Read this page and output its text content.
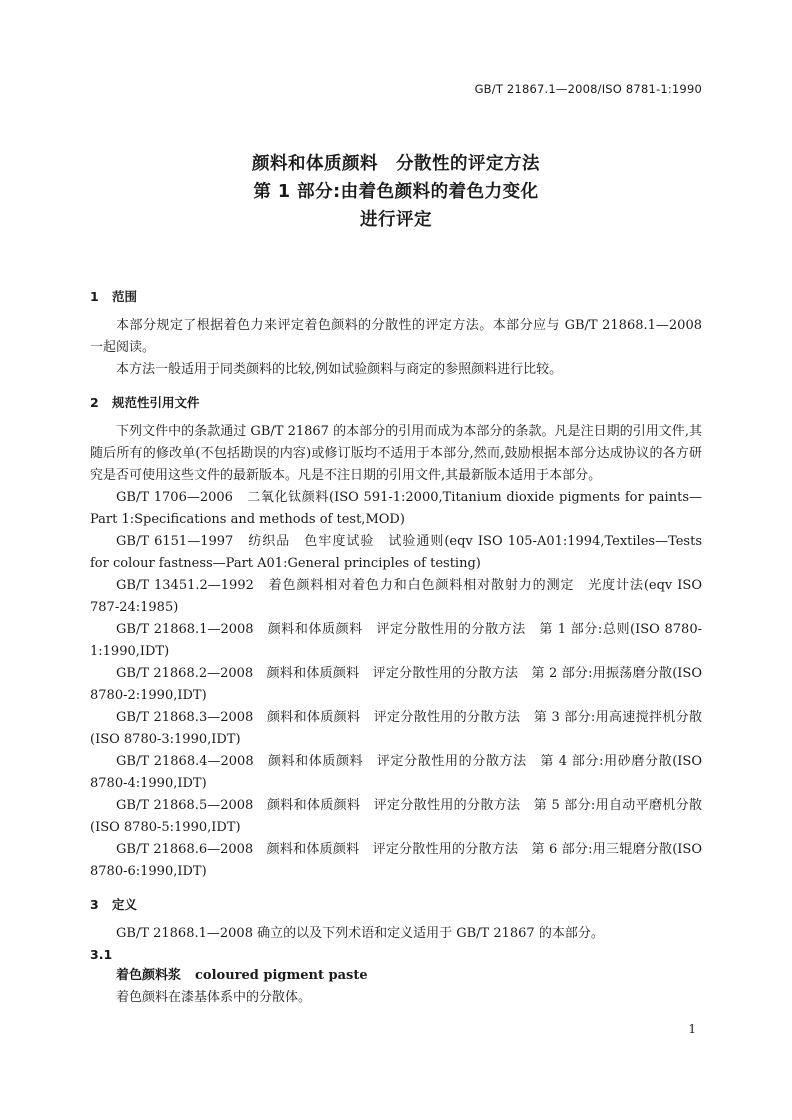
GB/T 21867.1—2008/ISO 8781-1:1990
颜料和体质颜料　分散性的评定方法
第 1 部分:由着色颜料的着色力变化
进行评定
1 范围

本部分规定了根据着色力来评定着色颜料的分散性的评定方法。本部分应与 GB/T 21868.1—2008 一起阅读。

本方法一般适用于同类颜料的比较,例如试验颜料与商定的参照颜料进行比较。

2 规范性引用文件

下列文件中的条款通过 GB/T 21867 的本部分的引用而成为本部分的条款。凡是注日期的引用文件,其随后所有的修改单(不包括勘误的内容)或修订版均不适用于本部分,然而,鼓励根据本部分达成协议的各方研究是否可使用这些文件的最新版本。凡是不注日期的引用文件,其最新版本适用于本部分。

GB/T 1706—2006　二氧化钛颜料(ISO 591-1:2000,Titanium dioxide pigments for paints—Part 1:Specifications and methods of test,MOD)

GB/T 6151—1997　纺织品　色牢度试验　试验通则(eqv ISO 105-A01:1994,Textiles—Tests for colour fastness—Part A01:General principles of testing)

GB/T 13451.2—1992　着色颜料相对着色力和白色颜料相对散射力的测定　光度计法(eqv ISO 787-24:1985)

GB/T 21868.1—2008　颜料和体质颜料　评定分散性用的分散方法　第 1 部分:总则(ISO 8780-1:1990,IDT)

GB/T 21868.2—2008　颜料和体质颜料　评定分散性用的分散方法　第 2 部分:用振荡磨分散(ISO 8780-2:1990,IDT)

GB/T 21868.3—2008　颜料和体质颜料　评定分散性用的分散方法　第 3 部分:用高速搅拌机分散(ISO 8780-3:1990,IDT)

GB/T 21868.4—2008　颜料和体质颜料　评定分散性用的分散方法　第 4 部分:用砂磨分散(ISO 8780-4:1990,IDT)

GB/T 21868.5—2008　颜料和体质颜料　评定分散性用的分散方法　第 5 部分:用自动平磨机分散(ISO 8780-5:1990,IDT)

GB/T 21868.6—2008　颜料和体质颜料　评定分散性用的分散方法　第 6 部分:用三辊磨分散(ISO 8780-6:1990,IDT)

3 定义

GB/T 21868.1—2008 确立的以及下列术语和定义适用于 GB/T 21867 的本部分。

3.1
着色颜料浆 coloured pigment paste

着色颜料在漆基体系中的分散体。

1
